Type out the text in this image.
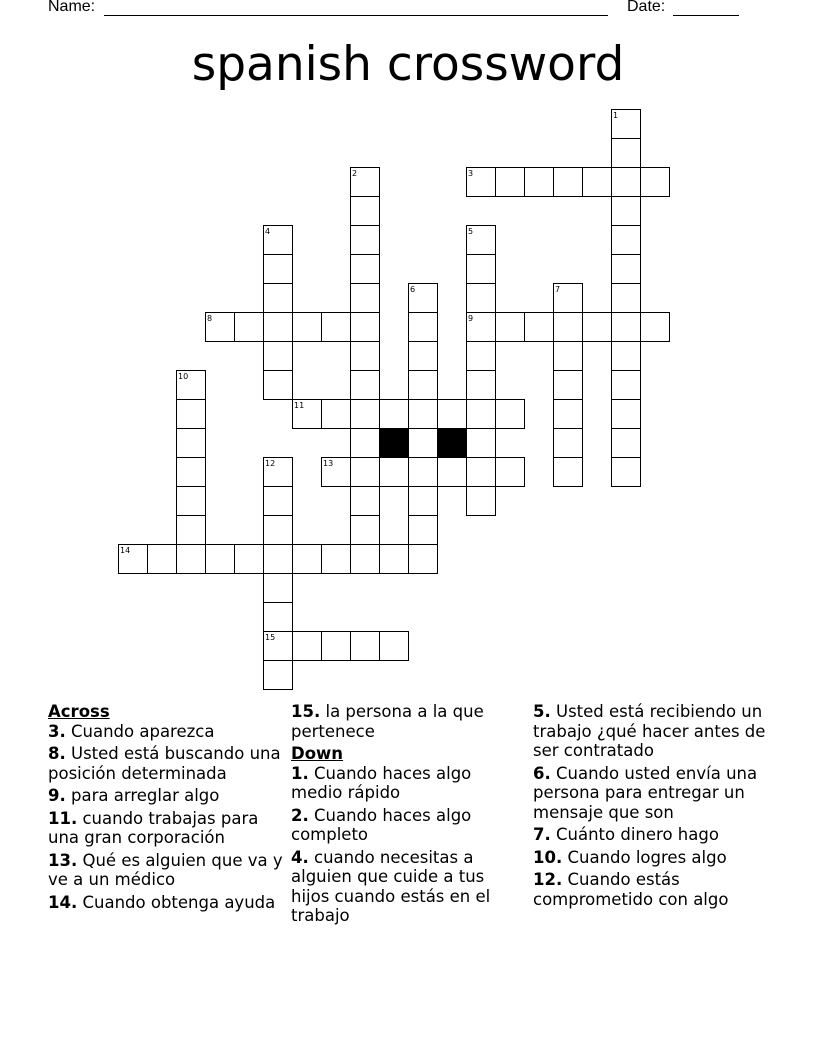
Name:	Date:
spanish crossword
1
2	3
4	5
6	7
8	9
10
11
12	13
14
15
Across
3. Cuando aparezca
8. Usted está buscando una posición determinada
9. para arreglar algo
11. cuando trabajas para una gran corporación
13. Qué es alguien que va y ve a un médico
14. Cuando obtenga ayuda
15. la persona a la que pertenece
Down
1. Cuando haces algo medio rápido
2. Cuando haces algo completo
4. cuando necesitas a alguien que cuide a tus hijos cuando estás en el trabajo
5. Usted está recibiendo un trabajo ¿qué hacer antes de ser contratado
6. Cuando usted envía una persona para entregar un mensaje que son
7. Cuánto dinero hago
10. Cuando logres algo
12. Cuando estás comprometido con algo
